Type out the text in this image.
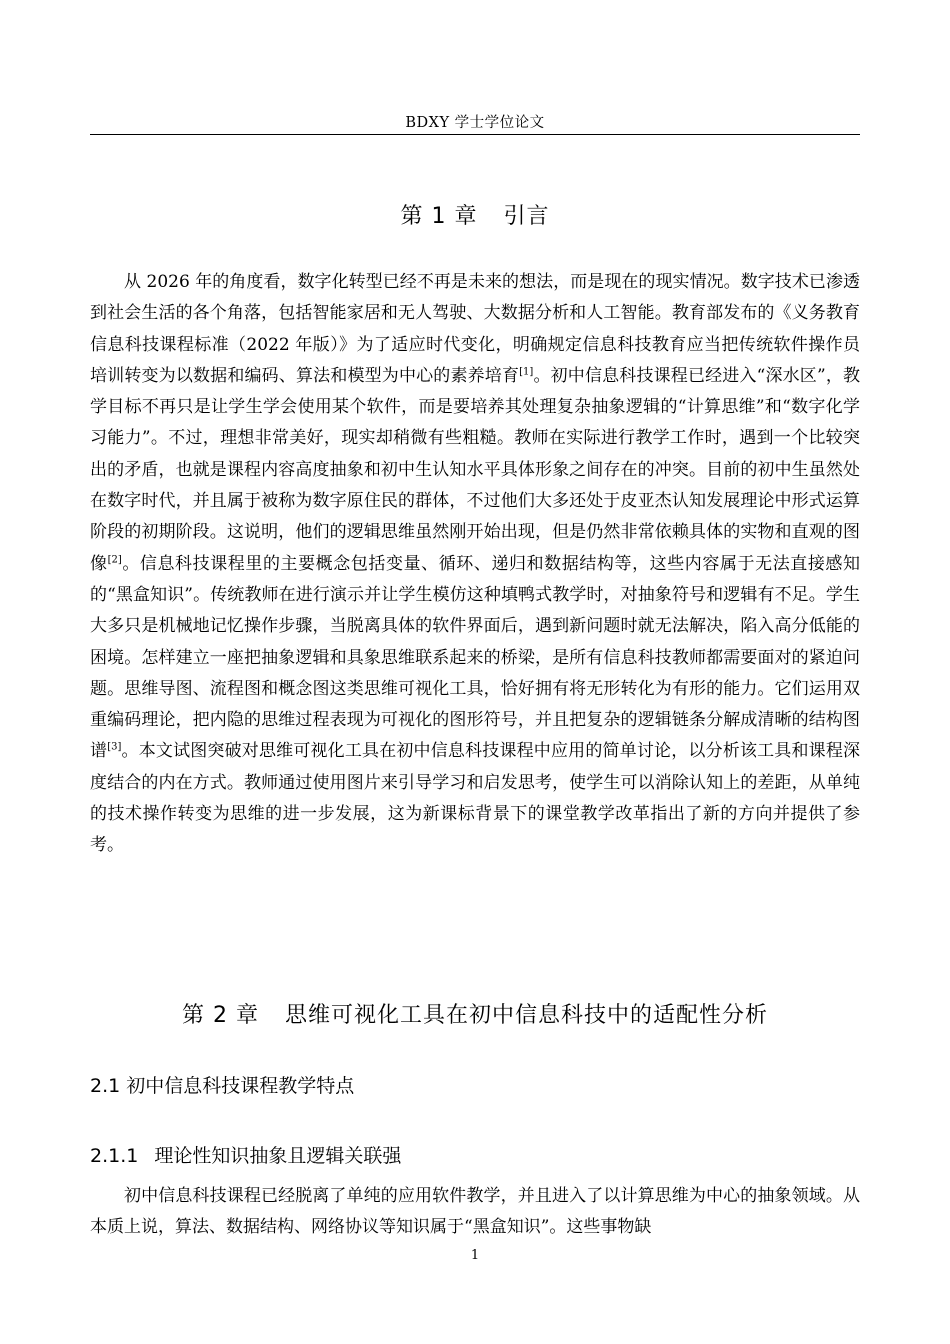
BDXY 学士学位论文
第 1 章 引言

从 2026 年的角度看，数字化转型已经不再是未来的想法，而是现在的现实情况。数字技术已渗透到社会生活的各个角落，包括智能家居和无人驾驶、大数据分析和人工智能。教育部发布的《义务教育信息科技课程标准（2022 年版）》为了适应时代变化，明确规定信息科技教育应当把传统软件操作员培训转变为以数据和编码、算法和模型为中心的素养培育[1]。初中信息科技课程已经进入“深水区”，教学目标不再只是让学生学会使用某个软件，而是要培养其处理复杂抽象逻辑的“计算思维”和“数字化学习能力”。不过，理想非常美好，现实却稍微有些粗糙。教师在实际进行教学工作时，遇到一个比较突出的矛盾，也就是课程内容高度抽象和初中生认知水平具体形象之间存在的冲突。目前的初中生虽然处在数字时代，并且属于被称为数字原住民的群体，不过他们大多还处于皮亚杰认知发展理论中形式运算阶段的初期阶段。这说明，他们的逻辑思维虽然刚开始出现，但是仍然非常依赖具体的实物和直观的图像[2]。信息科技课程里的主要概念包括变量、循环、递归和数据结构等，这些内容属于无法直接感知的“黑盒知识”。传统教师在进行演示并让学生模仿这种填鸭式教学时，对抽象符号和逻辑有不足。学生大多只是机械地记忆操作步骤，当脱离具体的软件界面后，遇到新问题时就无法解决，陷入高分低能的困境。怎样建立一座把抽象逻辑和具象思维联系起来的桥梁，是所有信息科技教师都需要面对的紧迫问题。思维导图、流程图和概念图这类思维可视化工具，恰好拥有将无形转化为有形的能力。它们运用双重编码理论，把内隐的思维过程表现为可视化的图形符号，并且把复杂的逻辑链条分解成清晰的结构图谱[3]。本文试图突破对思维可视化工具在初中信息科技课程中应用的简单讨论，以分析该工具和课程深度结合的内在方式。教师通过使用图片来引导学习和启发思考，使学生可以消除认知上的差距，从单纯的技术操作转变为思维的进一步发展，这为新课标背景下的课堂教学改革指出了新的方向并提供了参考。

第 2 章 思维可视化工具在初中信息科技中的适配性分析
2.1 初中信息科技课程教学特点
2.1.1 理论性知识抽象且逻辑关联强

初中信息科技课程已经脱离了单纯的应用软件教学，并且进入了以计算思维为中心的抽象领域。从本质上说，算法、数据结构、网络协议等知识属于“黑盒知识”。这些事物缺

1
